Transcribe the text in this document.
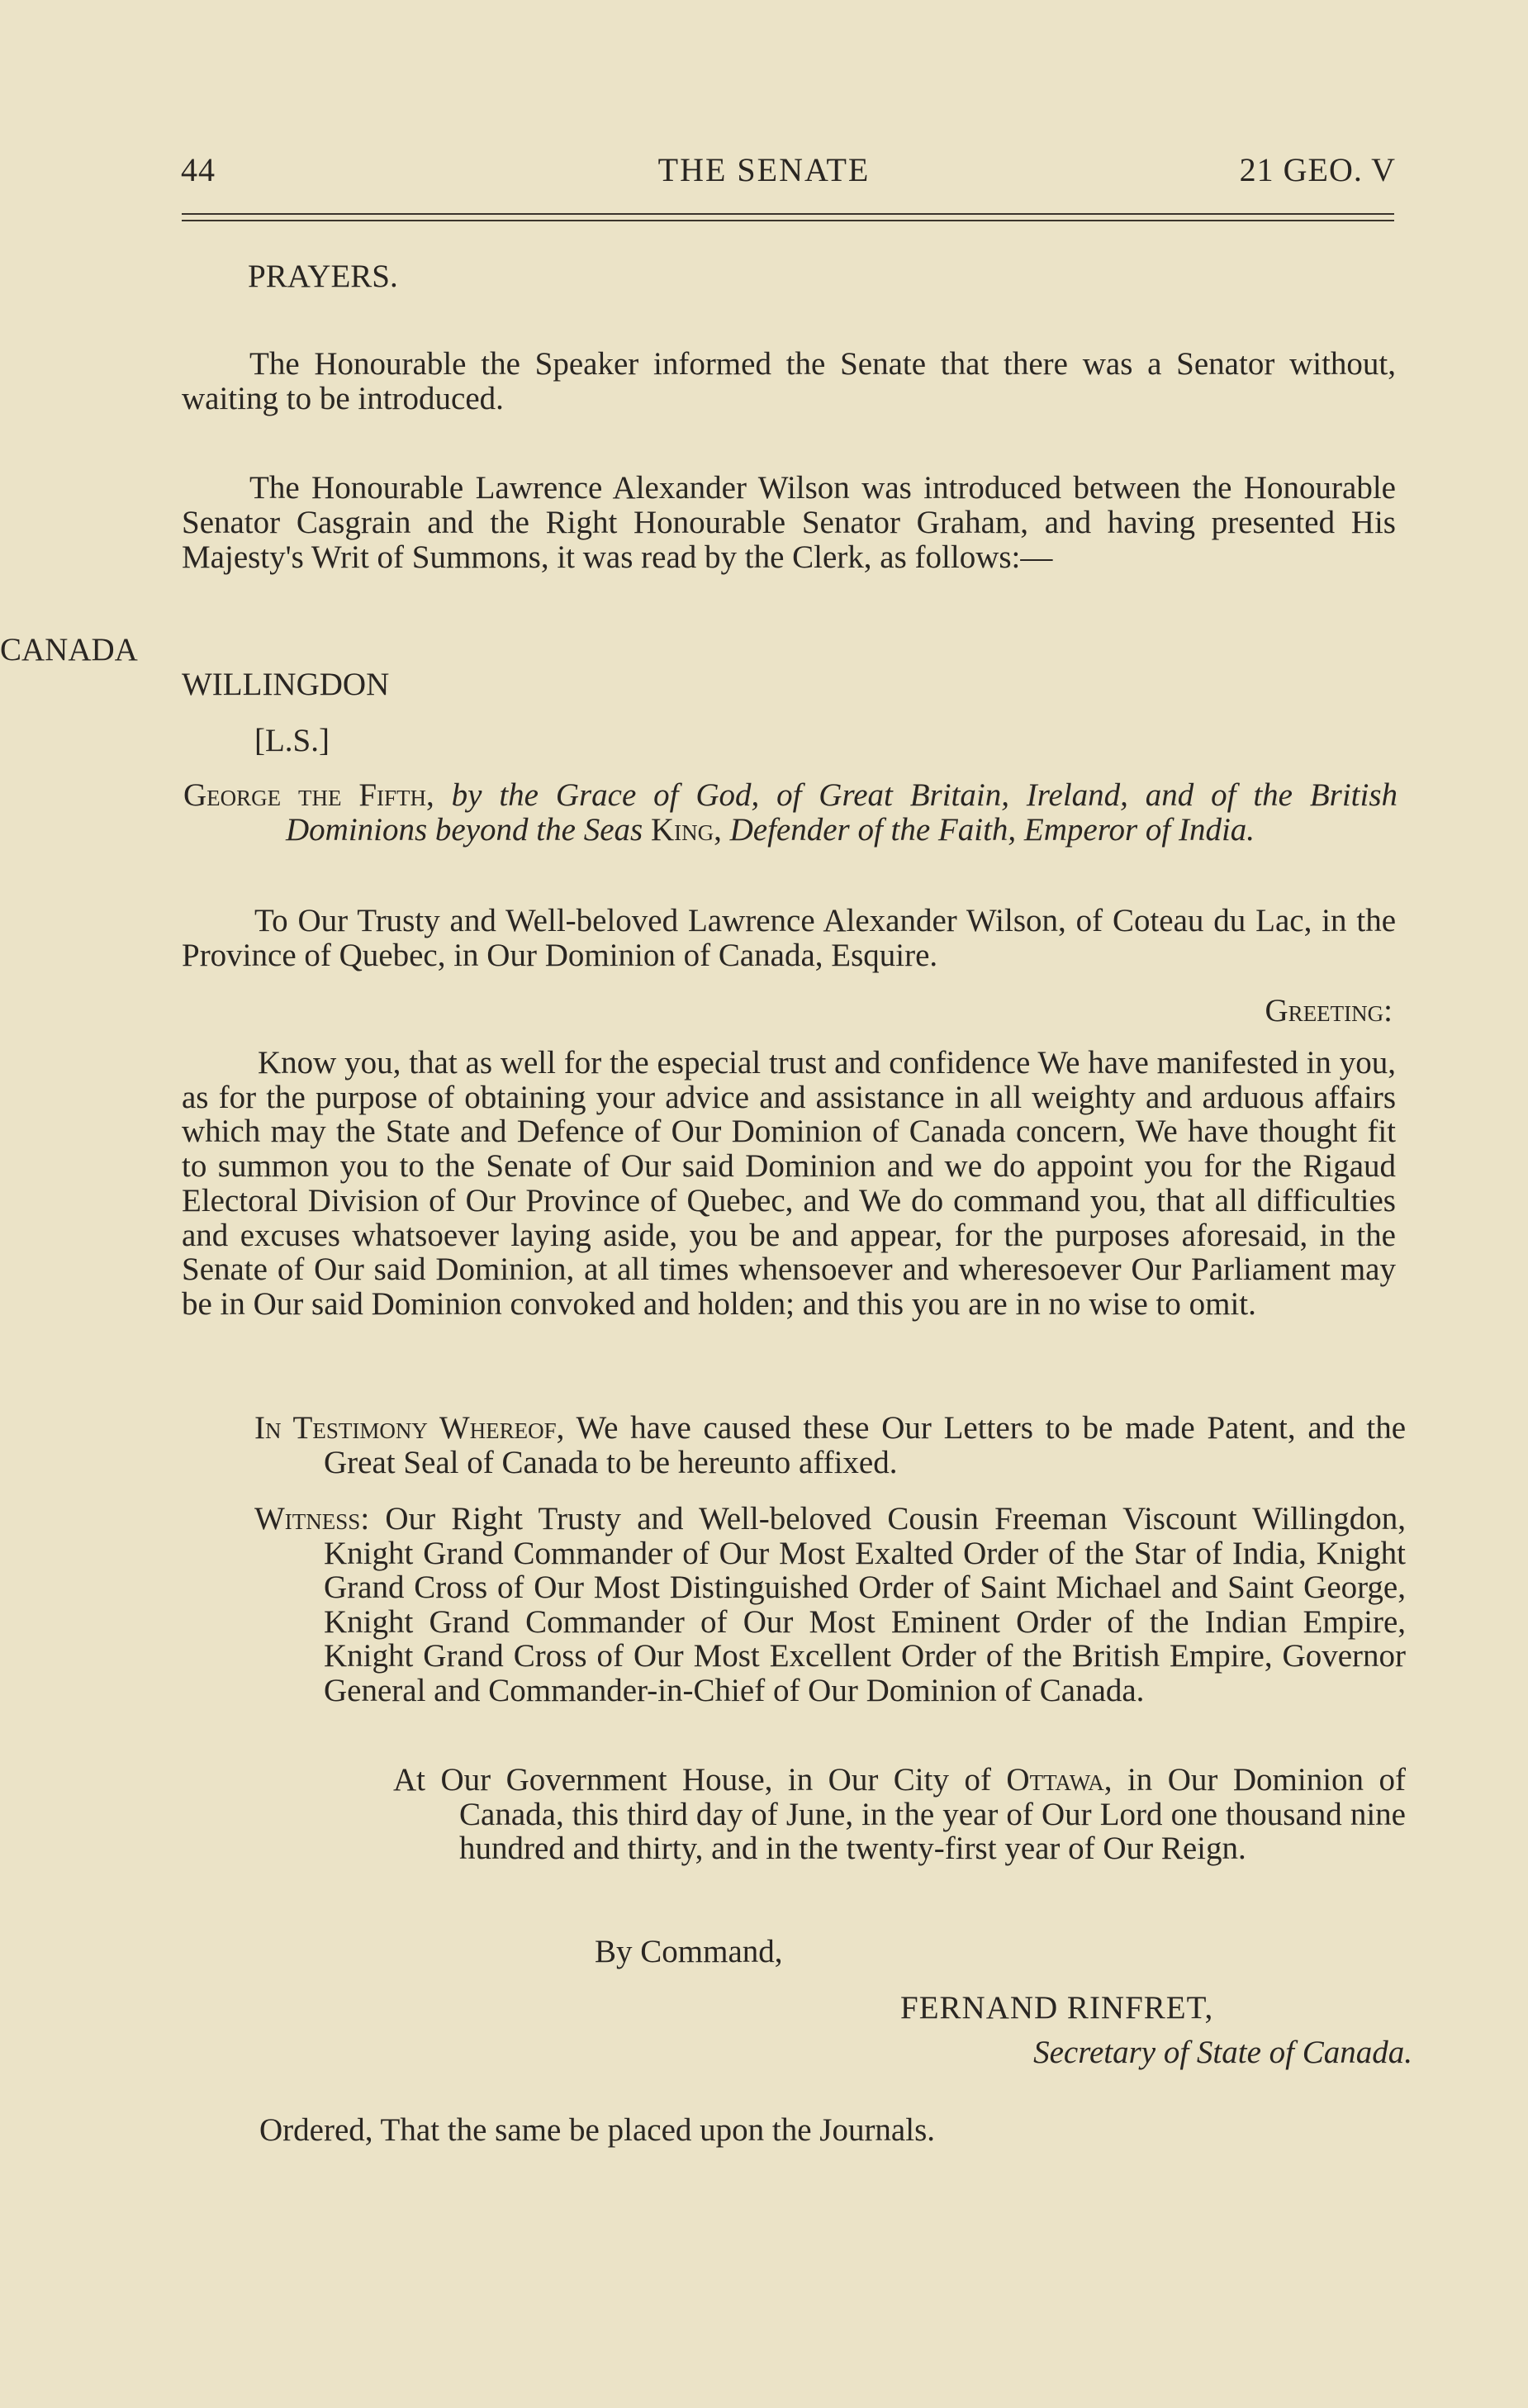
44	THE SENATE	21 GEO. V
PRAYERS.
The Honourable the Speaker informed the Senate that there was a Senator without, waiting to be introduced.
The Honourable Lawrence Alexander Wilson was introduced between the Honourable Senator Casgrain and the Right Honourable Senator Graham, and having presented His Majesty's Writ of Summons, it was read by the Clerk, as follows:—
CANADA
WILLINGDON
[L.S.]
George the Fifth, by the Grace of God, of Great Britain, Ireland, and of the British Dominions beyond the Seas King, Defender of the Faith, Emperor of India.
To Our Trusty and Well-beloved Lawrence Alexander Wilson, of Coteau du Lac, in the Province of Quebec, in Our Dominion of Canada, Esquire.
Greeting:
Know you, that as well for the especial trust and confidence We have manifested in you, as for the purpose of obtaining your advice and assistance in all weighty and arduous affairs which may the State and Defence of Our Dominion of Canada concern, We have thought fit to summon you to the Senate of Our said Dominion and we do appoint you for the Rigaud Electoral Division of Our Province of Quebec, and We do command you, that all difficulties and excuses whatsoever laying aside, you be and appear, for the purposes aforesaid, in the Senate of Our said Dominion, at all times whensoever and wheresoever Our Parliament may be in Our said Dominion convoked and holden; and this you are in no wise to omit.
In Testimony Whereof, We have caused these Our Letters to be made Patent, and the Great Seal of Canada to be hereunto affixed.
Witness: Our Right Trusty and Well-beloved Cousin Freeman Viscount Willingdon, Knight Grand Commander of Our Most Exalted Order of the Star of India, Knight Grand Cross of Our Most Distinguished Order of Saint Michael and Saint George, Knight Grand Commander of Our Most Eminent Order of the Indian Empire, Knight Grand Cross of Our Most Excellent Order of the British Empire, Governor General and Commander-in-Chief of Our Dominion of Canada.
At Our Government House, in Our City of Ottawa, in Our Dominion of Canada, this third day of June, in the year of Our Lord one thousand nine hundred and thirty, and in the twenty-first year of Our Reign.
By Command,
FERNAND RINFRET,
Secretary of State of Canada.
Ordered, That the same be placed upon the Journals.
